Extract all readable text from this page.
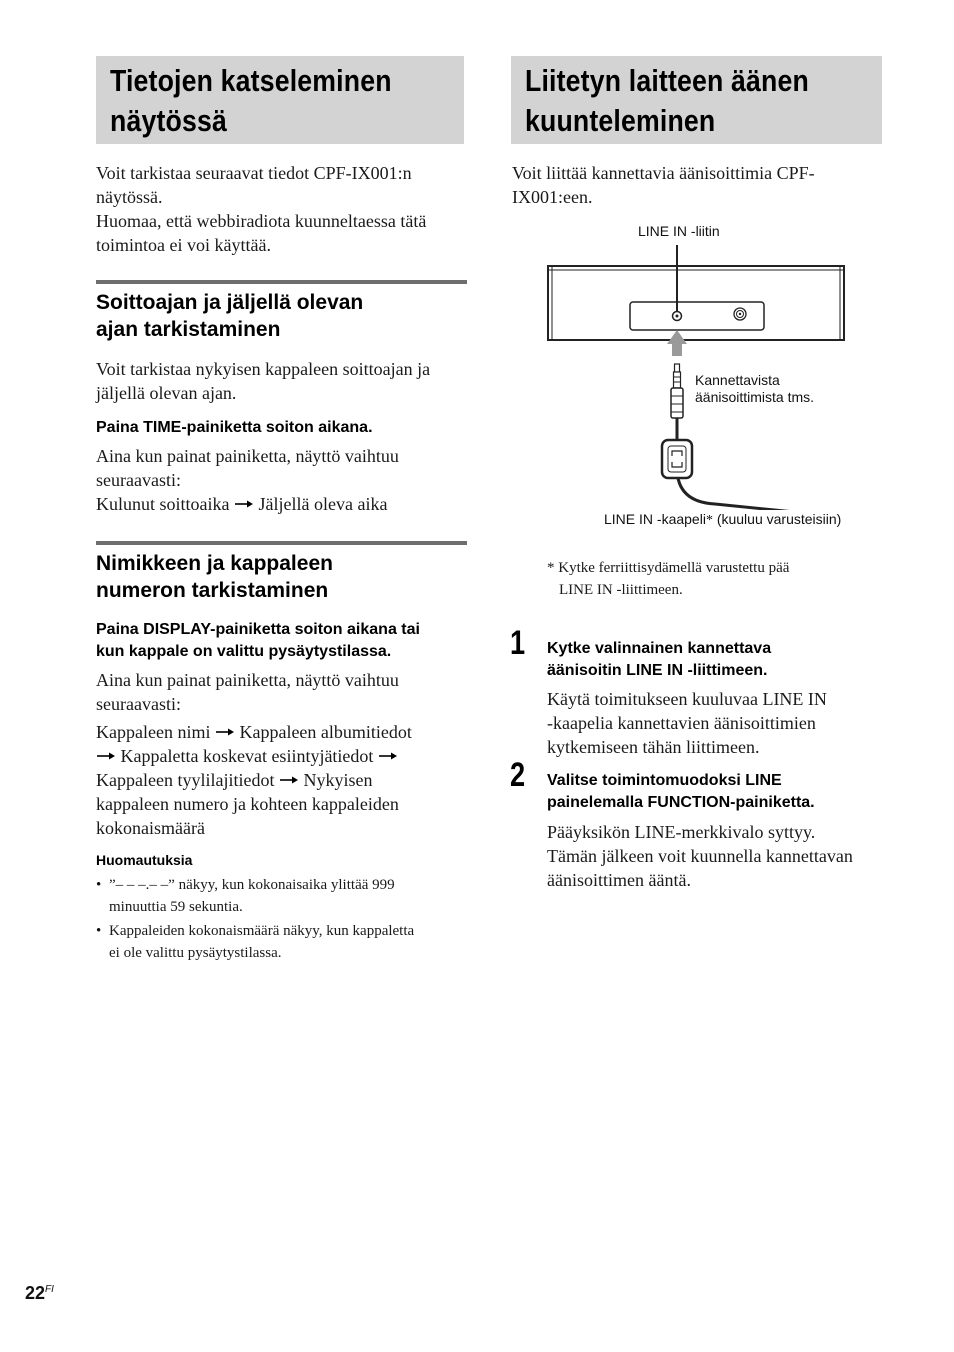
Tietojen katseleminen
näytössä
Voit tarkistaa seuraavat tiedot CPF-IX001:n
näytössä.
Huomaa, että webbiradiota kuunneltaessa tätä
toimintoa ei voi käyttää.
Soittoajan ja jäljellä olevan
ajan tarkistaminen
Voit tarkistaa nykyisen kappaleen soittoajan ja
jäljellä olevan ajan.
Paina TIME-painiketta soiton aikana.
Aina kun painat painiketta, näyttö vaihtuu
seuraavasti:
Kulunut soittoaika Jäljellä oleva aika
Nimikkeen ja kappaleen
numeron tarkistaminen
Paina DISPLAY-painiketta soiton aikana tai
kun kappale on valittu pysäytystilassa.
Aina kun painat painiketta, näyttö vaihtuu
seuraavasti:
Kappaleen nimi Kappaleen albumitiedot
Kappaletta koskevat esiintyjätiedot
Kappaleen tyylilajitiedot Nykyisen
kappaleen numero ja kohteen kappaleiden
kokonaismäärä
Huomautuksia
• ”– – –.– –” näkyy, kun kokonaisaika ylittää 999
minuuttia 59 sekuntia.
• Kappaleiden kokonaismäärä näkyy, kun kappaletta
ei ole valittu pysäytystilassa.
Liitetyn laitteen äänen
kuunteleminen
Voit liittää kannettavia äänisoittimia CPF-
IX001:een.
LINE IN -liitin
Kannettavista
äänisoittimista tms.
LINE IN -kaapeli* (kuuluu varusteisiin)
* Kytke ferriittisydämellä varustettu pää
LINE IN -liittimeen.
1 Kytke valinnainen kannettava
äänisoitin LINE IN -liittimeen.
Käytä toimitukseen kuuluvaa LINE IN
-kaapelia kannettavien äänisoittimien
kytkemiseen tähän liittimeen.
2 Valitse toimintomuodoksi LINE
painelemalla FUNCTION-painiketta.
Pääyksikön LINE-merkkivalo syttyy.
Tämän jälkeen voit kuunnella kannettavan
äänisoittimen ääntä.
$22^{FI}$
